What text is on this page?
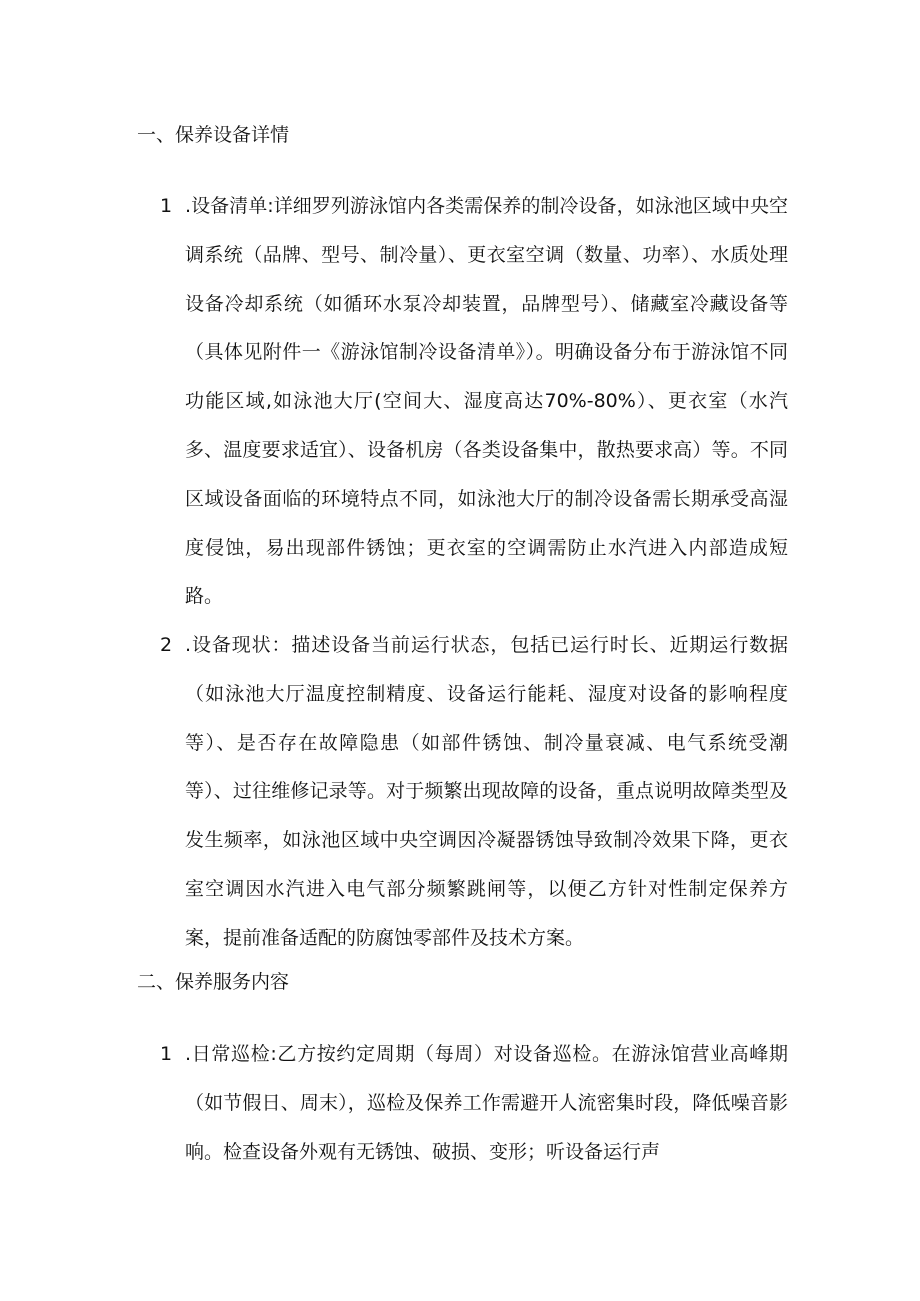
一、保养设备详情
1 .设备清单:详细罗列游泳馆内各类需保养的制冷设备，如泳池区域中央空调系统（品牌、型号、制冷量）、更衣室空调（数量、功率）、水质处理设备冷却系统（如循环水泵冷却装置，品牌型号）、储藏室冷藏设备等（具体见附件一《游泳馆制冷设备清单》）。明确设备分布于游泳馆不同功能区域,如泳池大厅(空间大、湿度高达70%-80%）、更衣室（水汽多、温度要求适宜）、设备机房（各类设备集中，散热要求高）等。不同区域设备面临的环境特点不同，如泳池大厅的制冷设备需长期承受高湿度侵蚀，易出现部件锈蚀；更衣室的空调需防止水汽进入内部造成短路。

2 .设备现状：描述设备当前运行状态，包括已运行时长、近期运行数据（如泳池大厅温度控制精度、设备运行能耗、湿度对设备的影响程度等）、是否存在故障隐患（如部件锈蚀、制冷量衰减、电气系统受潮等）、过往维修记录等。对于频繁出现故障的设备，重点说明故障类型及发生频率，如泳池区域中央空调因冷凝器锈蚀导致制冷效果下降，更衣室空调因水汽进入电气部分频繁跳闸等，以便乙方针对性制定保养方案，提前准备适配的防腐蚀零部件及技术方案。

二、保养服务内容
1 .日常巡检:乙方按约定周期（每周）对设备巡检。在游泳馆营业高峰期（如节假日、周末），巡检及保养工作需避开人流密集时段，降低噪音影响。检查设备外观有无锈蚀、破损、变形；听设备运行声
